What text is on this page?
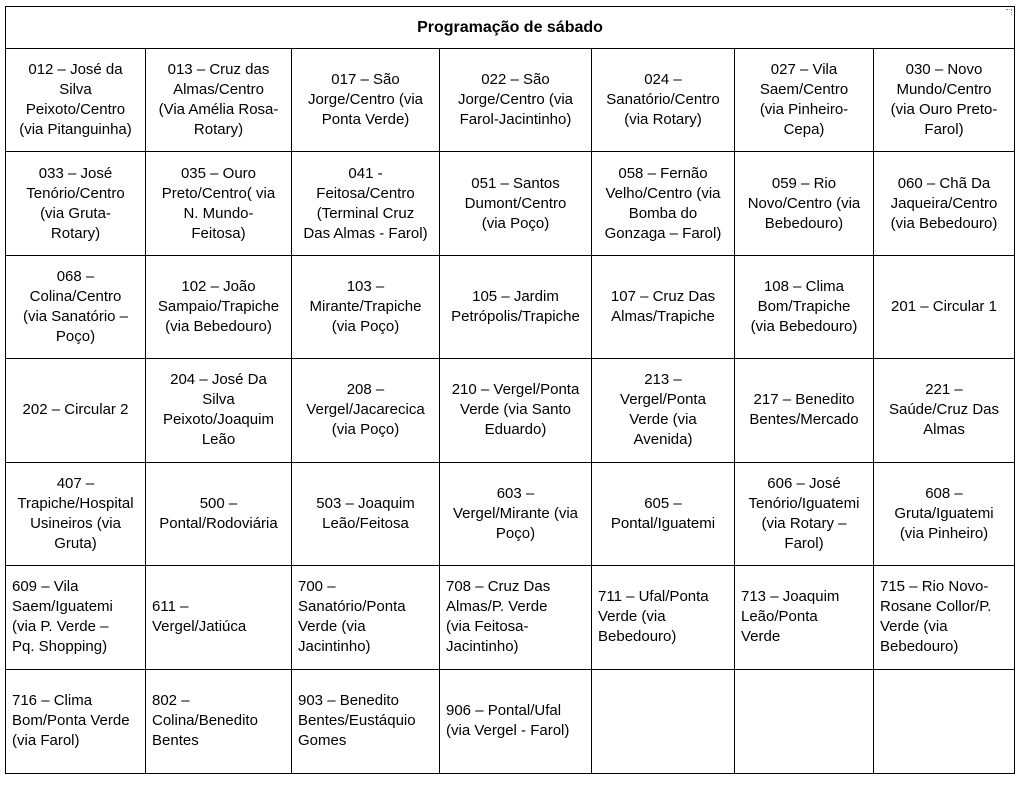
Programação de sábado
012 – José da
Silva
Peixoto/Centro
(via Pitanguinha)
013 – Cruz das
Almas/Centro
(Via Amélia Rosa-
Rotary)
017 – São
Jorge/Centro (via
Ponta Verde)
022 – São
Jorge/Centro (via
Farol-Jacintinho)
024 –
Sanatório/Centro
(via Rotary)
027 – Vila
Saem/Centro
(via Pinheiro-
Cepa)
030 – Novo
Mundo/Centro
(via Ouro Preto-
Farol)
033 – José
Tenório/Centro
(via Gruta-
Rotary)
035 – Ouro
Preto/Centro( via
N. Mundo-
Feitosa)
041 -
Feitosa/Centro
(Terminal Cruz
Das Almas - Farol)
051 – Santos
Dumont/Centro
(via Poço)
058 – Fernão
Velho/Centro (via
Bomba do
Gonzaga – Farol)
059 – Rio
Novo/Centro (via
Bebedouro)
060 – Chã Da
Jaqueira/Centro
(via Bebedouro)
068 –
Colina/Centro
(via Sanatório –
Poço)
102 – João
Sampaio/Trapiche
(via Bebedouro)
103 –
Mirante/Trapiche
(via Poço)
105 – Jardim
Petrópolis/Trapiche
107 – Cruz Das
Almas/Trapiche
108 – Clima
Bom/Trapiche
(via Bebedouro)
201 – Circular 1
202 – Circular 2
204 – José Da
Silva
Peixoto/Joaquim
Leão
208 –
Vergel/Jacarecica
(via Poço)
210 – Vergel/Ponta
Verde (via Santo
Eduardo)
213 –
Vergel/Ponta
Verde (via
Avenida)
217 – Benedito
Bentes/Mercado
221 –
Saúde/Cruz Das
Almas
407 –
Trapiche/Hospital
Usineiros (via
Gruta)
500 –
Pontal/Rodoviária
503 – Joaquim
Leão/Feitosa
603 –
Vergel/Mirante (via
Poço)
605 –
Pontal/Iguatemi
606 – José
Tenório/Iguatemi
(via Rotary –
Farol)
608 –
Gruta/Iguatemi
(via Pinheiro)
609 – Vila
Saem/Iguatemi
(via P. Verde –
Pq. Shopping)
611 –
Vergel/Jatiúca
700 –
Sanatório/Ponta
Verde (via
Jacintinho)
708 – Cruz Das
Almas/P. Verde
(via Feitosa-
Jacintinho)
711 – Ufal/Ponta
Verde (via
Bebedouro)
713 – Joaquim
Leão/Ponta
Verde
715 – Rio Novo-
Rosane Collor/P.
Verde (via
Bebedouro)
716 – Clima
Bom/Ponta Verde
(via Farol)
802 –
Colina/Benedito
Bentes
903 – Benedito
Bentes/Eustáquio
Gomes
906 – Pontal/Ufal
(via Vergel - Farol)
